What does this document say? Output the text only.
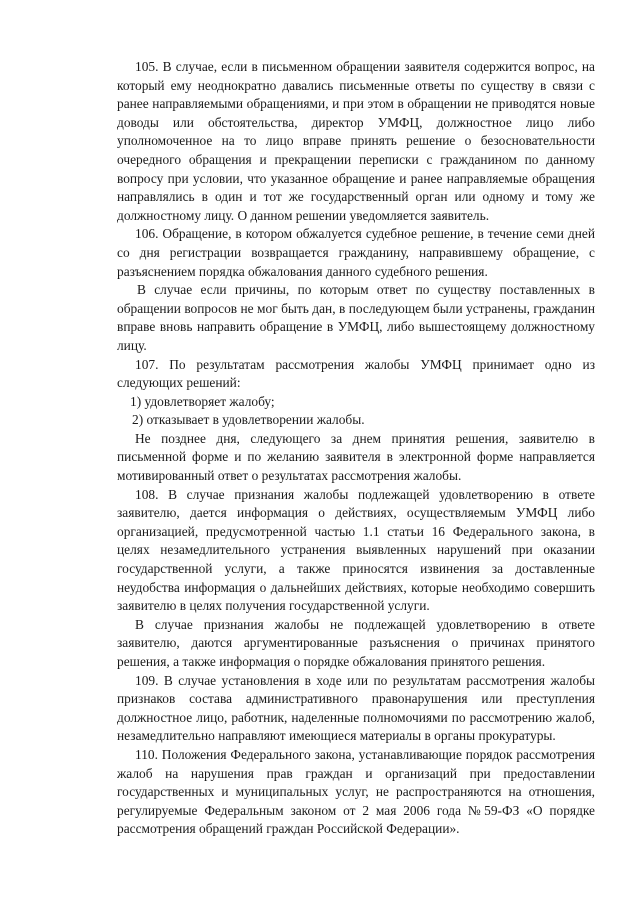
105. В случае, если в письменном обращении заявителя содержится вопрос, на который ему неоднократно давались письменные ответы по существу в связи с ранее направляемыми обращениями, и при этом в обращении не приводятся новые доводы или обстоятельства, директор УМФЦ, должностное лицо либо уполномоченное на то лицо вправе принять решение о безосновательности очередного обращения и прекращении переписки с гражданином по данному вопросу при условии, что указанное обращение и ранее направляемые обращения направлялись в один и тот же государственный орган или одному и тому же должностному лицу. О данном решении уведомляется заявитель.

106. Обращение, в котором обжалуется судебное решение, в течение семи дней со дня регистрации возвращается гражданину, направившему обращение, с разъяснением порядка обжалования данного судебного решения.

В случае если причины, по которым ответ по существу поставленных в обращении вопросов не мог быть дан, в последующем были устранены, гражданин вправе вновь направить обращение в УМФЦ, либо вышестоящему должностному лицу.

107. По результатам рассмотрения жалобы УМФЦ принимает одно из следующих решений:

1) удовлетворяет жалобу;

2) отказывает в удовлетворении жалобы.

Не позднее дня, следующего за днем принятия решения, заявителю в письменной форме и по желанию заявителя в электронной форме направляется мотивированный ответ о результатах рассмотрения жалобы.

108. В случае признания жалобы подлежащей удовлетворению в ответе заявителю, дается информация о действиях, осуществляемым УМФЦ либо организацией, предусмотренной частью 1.1 статьи 16 Федерального закона, в целях незамедлительного устранения выявленных нарушений при оказании государственной услуги, а также приносятся извинения за доставленные неудобства информация о дальнейших действиях, которые необходимо совершить заявителю в целях получения государственной услуги.

В случае признания жалобы не подлежащей удовлетворению в ответе заявителю, даются аргументированные разъяснения о причинах принятого решения, а также информация о порядке обжалования принятого решения.

109. В случае установления в ходе или по результатам рассмотрения жалобы признаков состава административного правонарушения или преступления должностное лицо, работник, наделенные полномочиями по рассмотрению жалоб, незамедлительно направляют имеющиеся материалы в органы прокуратуры.

110. Положения Федерального закона, устанавливающие порядок рассмотрения жалоб на нарушения прав граждан и организаций при предоставлении государственных и муниципальных услуг, не распространяются на отношения, регулируемые Федеральным законом от 2 мая 2006 года №59-ФЗ «О порядке рассмотрения обращений граждан Российской Федерации».
